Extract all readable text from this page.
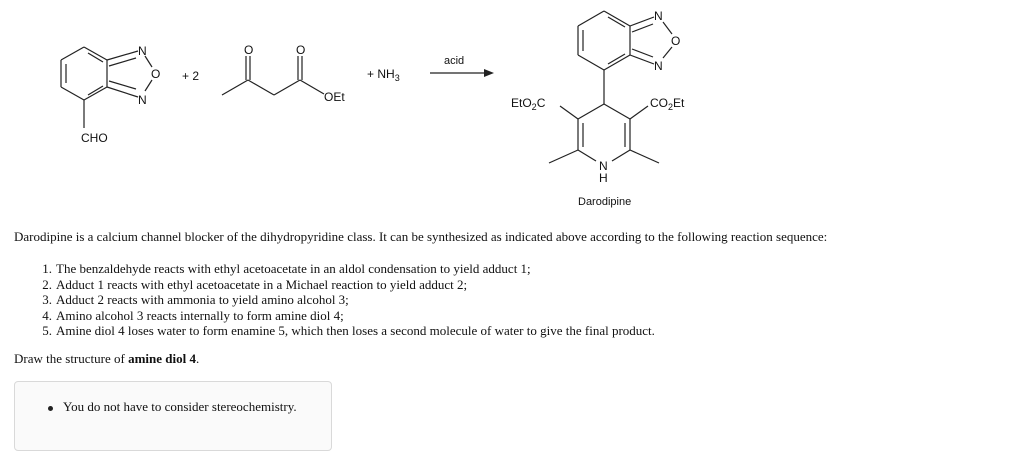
N
O
N
CHO
+ 2
O	O
OEt
+ $NH_3$
acid
N
O
N
EtO$_2$C	$CO_2Et$
N
H
Darodipine

Darodipine is a calcium channel blocker of the dihydropyridine class. It can be synthesized as indicated above according to the following reaction sequence:

1. The benzaldehyde reacts with ethyl acetoacetate in an aldol condensation to yield adduct 1;
2. Adduct 1 reacts with ethyl acetoacetate in a Michael reaction to yield adduct 2;
3. Adduct 2 reacts with ammonia to yield amino alcohol 3;
4. Amino alcohol 3 reacts internally to form amine diol 4;
5. Amine diol 4 loses water to form enamine 5, which then loses a second molecule of water to give the final product.

Draw the structure of amine diol 4.

You do not have to consider stereochemistry.
